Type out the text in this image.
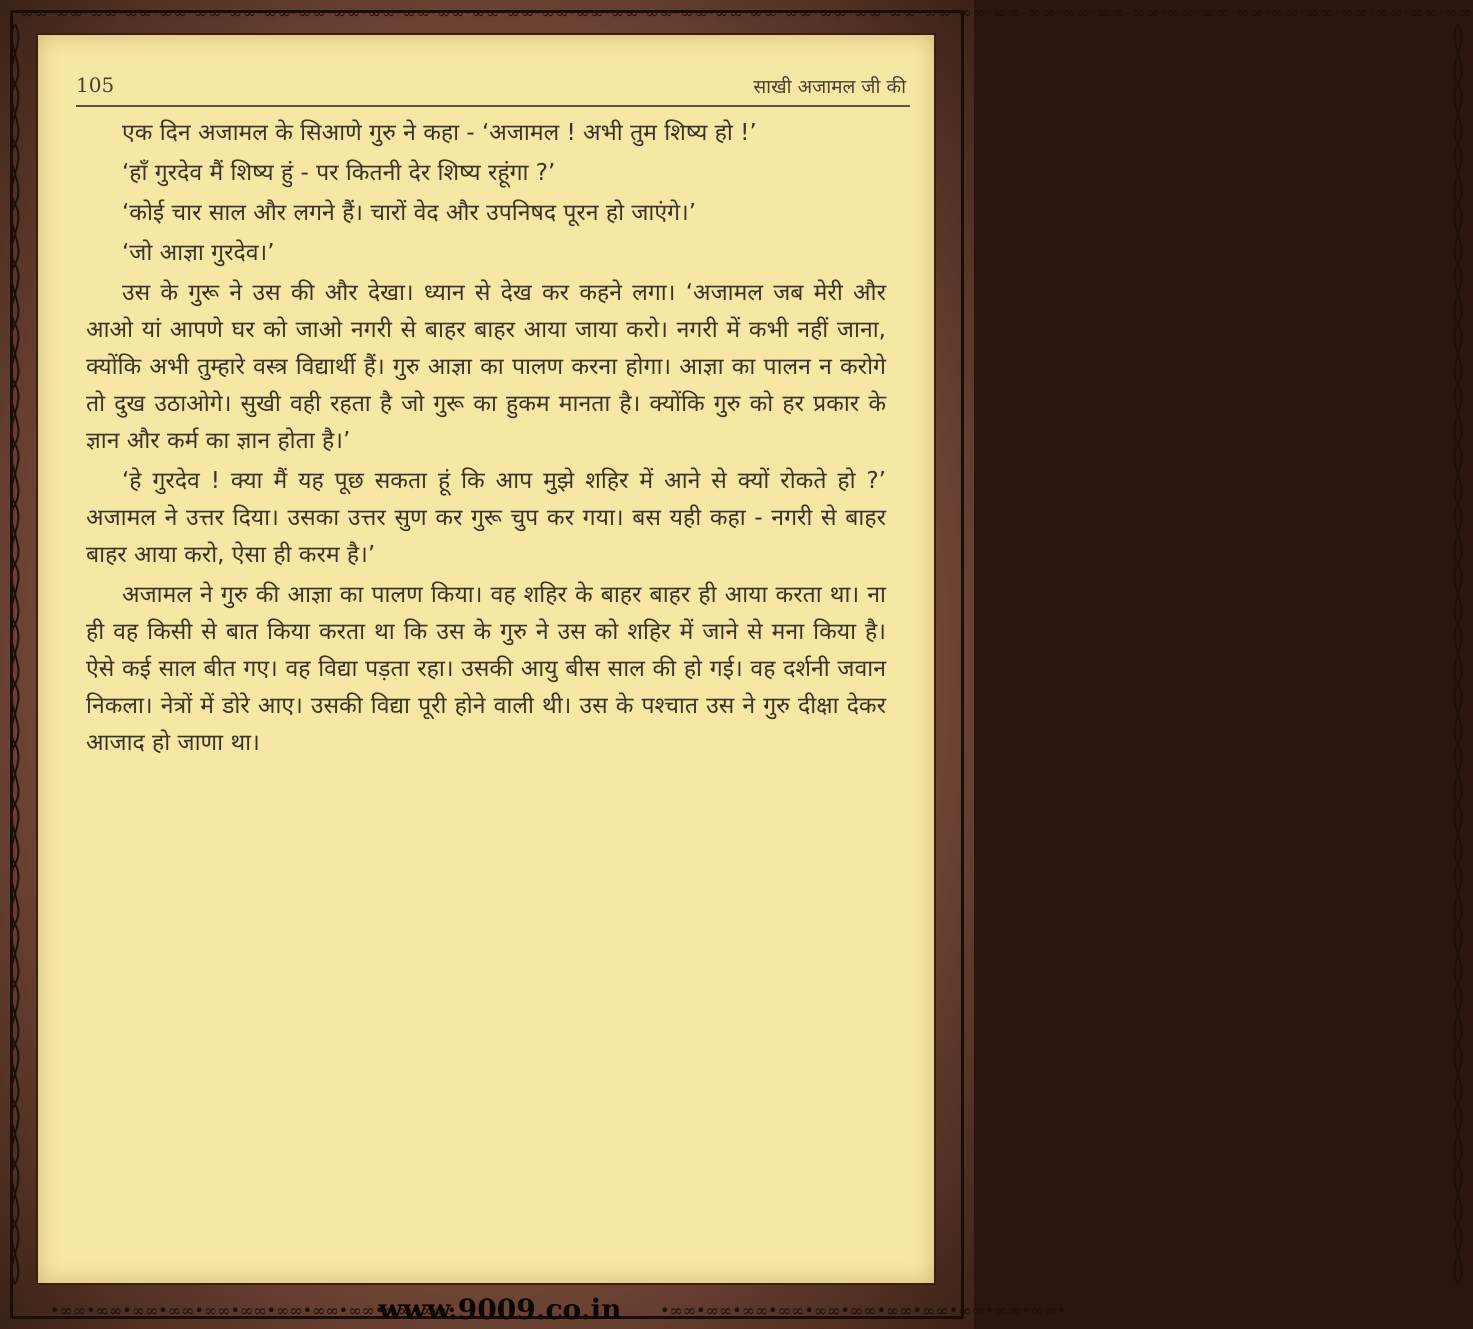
·∞∞·∞∞·∞∞·∞∞·∞∞·∞∞·∞∞·∞∞·∞∞·∞∞·∞∞·∞∞·∞∞·∞∞·∞∞·∞∞·∞∞·∞∞·∞∞·∞∞·∞∞·∞∞·∞∞·∞∞·∞∞·∞∞·∞∞·∞∞·∞∞·∞∞·∞∞·∞∞·∞∞·∞∞·∞∞·∞∞·∞∞·∞∞·∞∞·∞∞·∞∞·∞∞
105	साखी अजामल जी की

एक दिन अजामल के सिआणे गुरु ने कहा - ‘अजामल ! अभी तुम शिष्य हो !’

‘हाँ गुरदेव मैं शिष्य हुं - पर कितनी देर शिष्य रहूंगा ?’

‘कोई चार साल और लगने हैं। चारों वेद और उपनिषद पूरन हो जाएंगे।’

‘जो आज्ञा गुरदेव।’

उस के गुरू ने उस की और देखा। ध्यान से देख कर कहने लगा। ‘अजामल जब मेरी और आओ यां आपणे घर को जाओ नगरी से बाहर बाहर आया जाया करो। नगरी में कभी नहीं जाना, क्योंकि अभी तुम्हारे वस्त्र विद्यार्थी हैं। गुरु आज्ञा का पालण करना होगा। आज्ञा का पालन न करोगे तो दुख उठाओगे। सुखी वही रहता है जो गुरू का हुकम मानता है। क्योंकि गुरु को हर प्रकार के ज्ञान और कर्म का ज्ञान होता है।’

‘हे गुरदेव ! क्या मैं यह पूछ सकता हूं कि आप मुझे शहिर में आने से क्यों रोकते हो ?’ अजामल ने उत्तर दिया। उसका उत्तर सुण कर गुरू चुप कर गया। बस यही कहा - नगरी से बाहर बाहर आया करो, ऐसा ही करम है।’

अजामल ने गुरु की आज्ञा का पालण किया। वह शहिर के बाहर बाहर ही आया करता था। ना ही वह किसी से बात किया करता था कि उस के गुरु ने उस को शहिर में जाने से मना किया है। ऐसे कई साल बीत गए। वह विद्या पड़ता रहा। उसकी आयु बीस साल की हो गई। वह दर्शनी जवान निकला। नेत्रों में डोरे आए। उसकी विद्या पूरी होने वाली थी। उस के पश्चात उस ने गुरु दीक्षा देकर आजाद हो जाणा था।

•∞∞•∞∞•∞∞•∞∞•∞∞•∞∞•∞∞•∞∞•∞∞•∞∞•∞∞•
www.9009.co.in	•∞∞•∞∞•∞∞•∞∞•∞∞•∞∞•∞∞•∞∞•∞∞•∞∞•∞∞•
